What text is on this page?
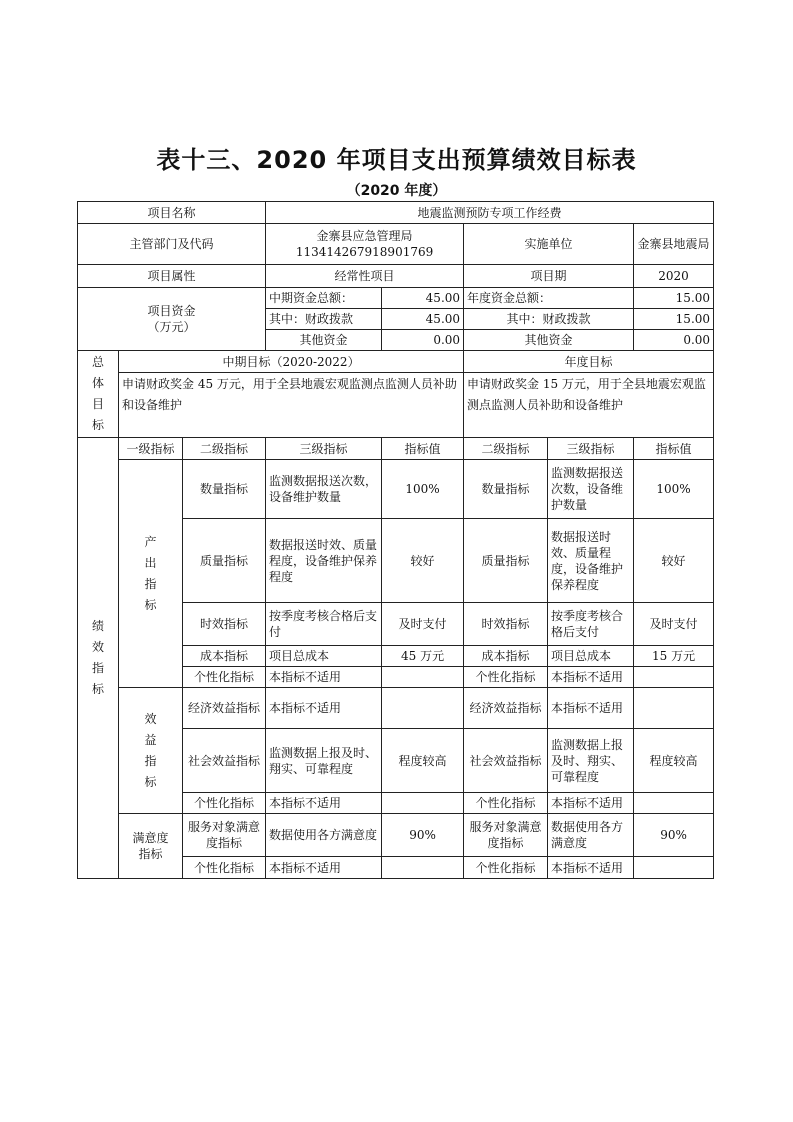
表十三、2020 年项目支出预算绩效目标表
（2020 年度）
项目名称			地震监测预防专项工作经费				
主管部门及代码			金寨县应急管理局
113414267918901769		实施单位		金寨县地震局
项目属性			经常性项目		项目期		2020

项目资金
（万元）			中期资金总额：	45.00	年度资金总额：		15.00
			其中：财政拨款	45.00	其中：财政拨款		15.00
			其他资金	0.00	其他资金		0.00

总
体
目
标	中期目标（2020-2022）				年度目标		
	申请财政奖金 45 万元，用于全县地震宏观监测点监测人员补助和设备维护				申请财政奖金 15 万元，用于全县地震宏观监测点监测人员补助和设备维护		

绩
效
指
标	一级指标	二级指标	三级指标	指标值	二级指标	三级指标	指标值

	产
出
指
标	数量指标	监测数据报送次数，设备维护数量	100%	数量指标	监测数据报送次数，设备维护数量	100%
		质量指标	数据报送时效、质量程度，设备维护保养程度	较好	质量指标	数据报送时效、质量程度，设备维护保养程度	较好
		时效指标	按季度考核合格后支付	及时支付	时效指标	按季度考核合格后支付	及时支付
		成本指标	项目总成本	45 万元	成本指标	项目总成本	15 万元
		个性化指标	本指标不适用		个性化指标	本指标不适用	

	效
益
指
标	经济效益指标	本指标不适用		经济效益指标	本指标不适用	
		社会效益指标	监测数据上报及时、翔实、可靠程度	程度较高	社会效益指标	监测数据上报及时、翔实、可靠程度	程度较高
		个性化指标	本指标不适用		个性化指标	本指标不适用	

	满意度
指标	服务对象满意度指标	数据使用各方满意度	90%	服务对象满意度指标	数据使用各方满意度	90%
		个性化指标	本指标不适用		个性化指标	本指标不适用	
